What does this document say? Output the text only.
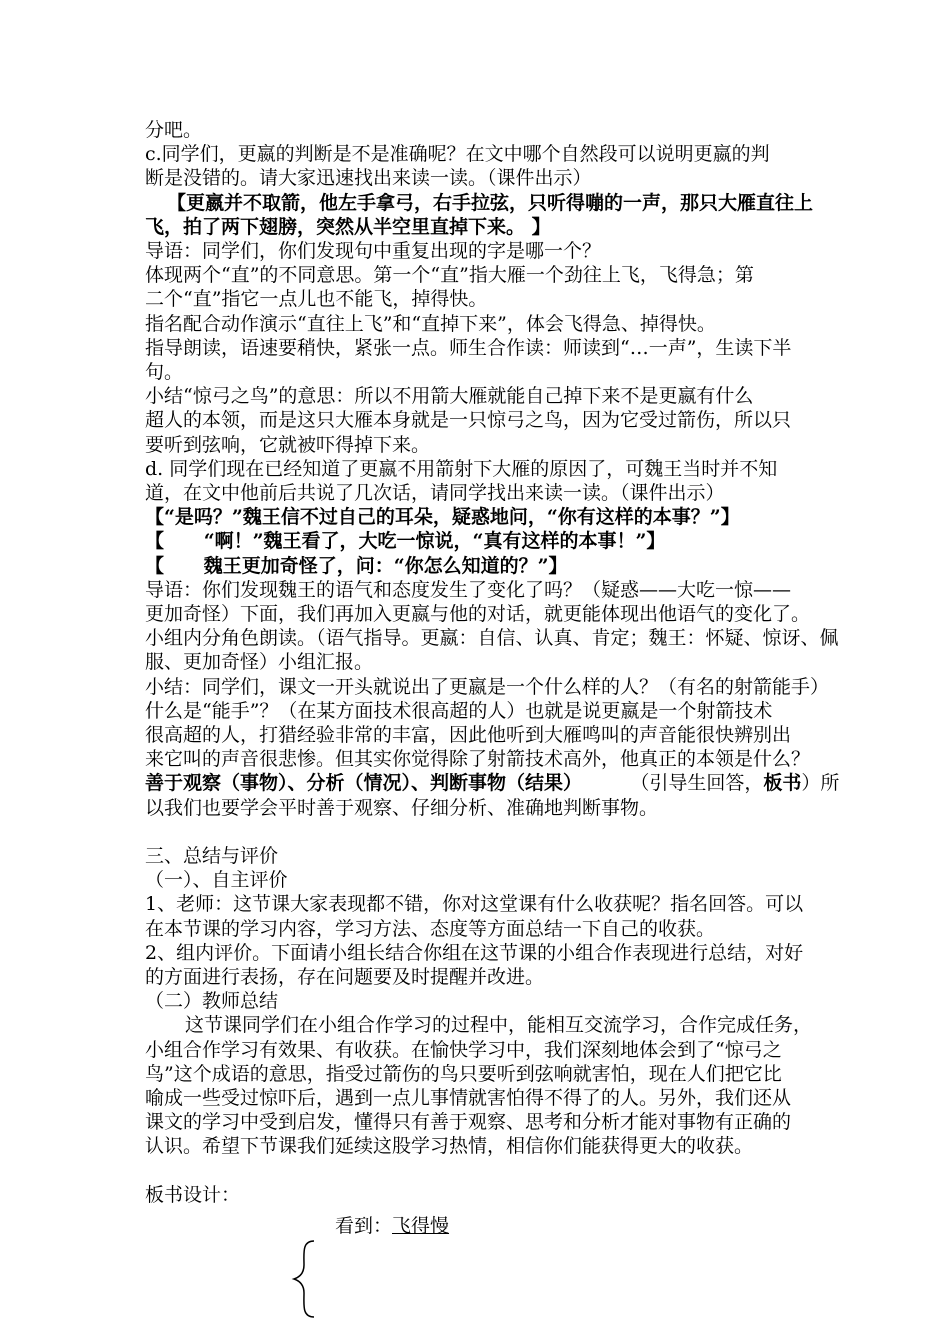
分吧。
c.同学们，更嬴的判断是不是准确呢？在文中哪个自然段可以说明更嬴的判
断是没错的。请大家迅速找出来读一读。（课件出示）
【更嬴并不取箭，他左手拿弓，右手拉弦，只听得嘣的一声，那只大雁直往上
飞，拍了两下翅膀，突然从半空里直掉下来。 】
导语：同学们，你们发现句中重复出现的字是哪一个？
体现两个“直”的不同意思。第一个“直”指大雁一个劲往上飞，飞得急；第
二个“直”指它一点儿也不能飞，掉得快。
指名配合动作演示“直往上飞”和“直掉下来”，体会飞得急、掉得快。
指导朗读，语速要稍快，紧张一点。师生合作读：师读到“…一声”，生读下半
句。
小结“惊弓之鸟”的意思：所以不用箭大雁就能自己掉下来不是更嬴有什么
超人的本领，而是这只大雁本身就是一只惊弓之鸟，因为它受过箭伤，所以只
要听到弦响，它就被吓得掉下来。
d. 同学们现在已经知道了更嬴不用箭射下大雁的原因了，可魏王当时并不知
道，在文中他前后共说了几次话，请同学找出来读一读。（课件出示）
【“是吗？”魏王信不过自己的耳朵，疑惑地问，“你有这样的本事？”】
【      “啊！”魏王看了，大吃一惊说，“真有这样的本事！”】
【      魏王更加奇怪了，问：“你怎么知道的？”】
导语：你们发现魏王的语气和态度发生了变化了吗？（疑惑——大吃一惊——
更加奇怪）下面，我们再加入更嬴与他的对话，就更能体现出他语气的变化了。
小组内分角色朗读。（语气指导。更嬴：自信、认真、肯定；魏王：怀疑、惊讶、佩
服、更加奇怪）小组汇报。
小结：同学们，课文一开头就说出了更嬴是一个什么样的人？（有名的射箭能手）
什么是“能手”？（在某方面技术很高超的人）也就是说更嬴是一个射箭技术
很高超的人，打猎经验非常的丰富，因此他听到大雁鸣叫的声音能很快辨别出
来它叫的声音很悲惨。但其实你觉得除了射箭技术高外，他真正的本领是什么？
善于观察（事物）、分析（情况）、判断事物（结果）        （引导生回答，板书）所
以我们也要学会平时善于观察、仔细分析、准确地判断事物。
三、总结与评价
（一）、自主评价
1、老师：这节课大家表现都不错，你对这堂课有什么收获呢？指名回答。可以
在本节课的学习内容，学习方法、态度等方面总结一下自己的收获。
2、组内评价。下面请小组长结合你组在这节课的小组合作表现进行总结，对好
的方面进行表扬，存在问题要及时提醒并改进。
（二）教师总结
这节课同学们在小组合作学习的过程中，能相互交流学习，合作完成任务，
小组合作学习有效果、有收获。在愉快学习中，我们深刻地体会到了“惊弓之
鸟”这个成语的意思，指受过箭伤的鸟只要听到弦响就害怕，现在人们把它比
喻成一些受过惊吓后，遇到一点儿事情就害怕得不得了的人。另外，我们还从
课文的学习中受到启发，懂得只有善于观察、思考和分析才能对事物有正确的
认识。希望下节课我们延续这股学习热情，相信你们能获得更大的收获。
板书设计：
看到：飞得慢
